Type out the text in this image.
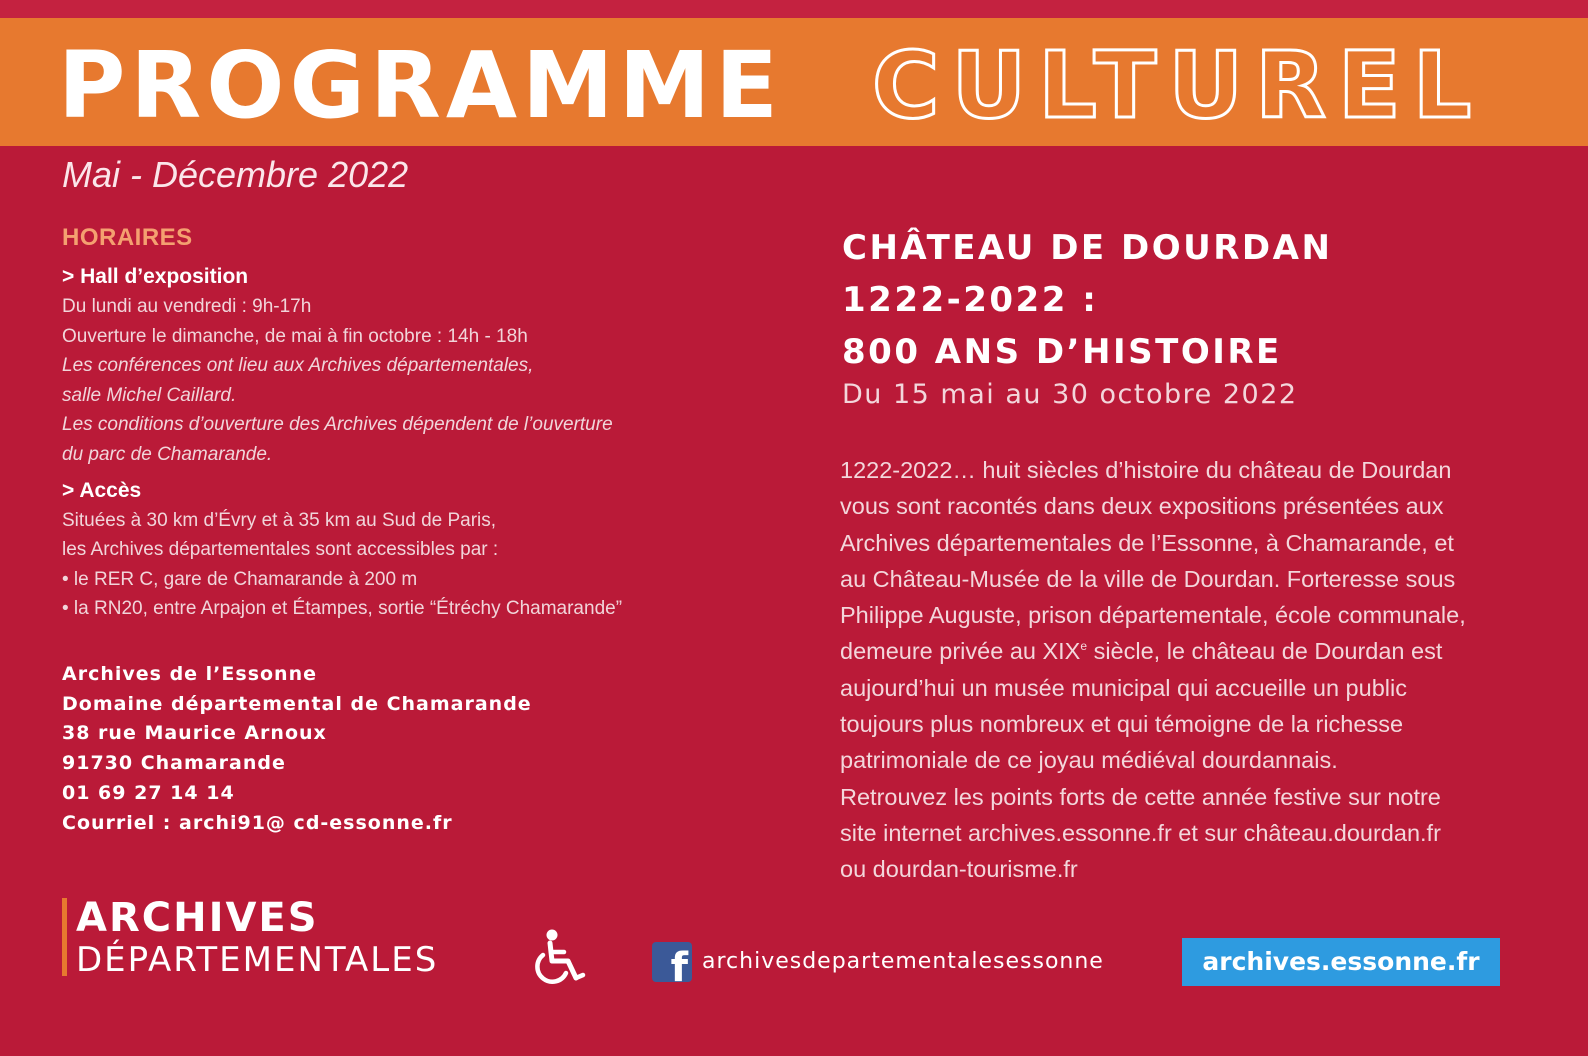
PROGRAMME CULTUREL
Mai - Décembre 2022
HORAIRES
> Hall d’exposition
Du lundi au vendredi : 9h-17h
Ouverture le dimanche, de mai à fin octobre : 14h - 18h
Les conférences ont lieu aux Archives départementales,
salle Michel Caillard.
Les conditions d’ouverture des Archives dépendent de l’ouverture
du parc de Chamarande.
> Accès
Situées à 30 km d’Évry et à 35 km au Sud de Paris,
les Archives départementales sont accessibles par :
• le RER C, gare de Chamarande à 200 m
• la RN20, entre Arpajon et Étampes, sortie “Étréchy Chamarande”
Archives de l’Essonne
Domaine départemental de Chamarande
38 rue Maurice Arnoux
91730 Chamarande
01 69 27 14 14
Courriel : archi91@ cd-essonne.fr
CHÂTEAU DE DOURDAN
1222-2022 :
800 ANS D’HISTOIRE
Du 15 mai au 30 octobre 2022
1222-2022… huit siècles d’histoire du château de Dourdan
vous sont racontés dans deux expositions présentées aux
Archives départementales de l’Essonne, à Chamarande, et
au Château-Musée de la ville de Dourdan. Forteresse sous
Philippe Auguste, prison départementale, école communale,
demeure privée au XIXe siècle, le château de Dourdan est
aujourd’hui un musée municipal qui accueille un public
toujours plus nombreux et qui témoigne de la richesse
patrimoniale de ce joyau médiéval dourdannais.
Retrouvez les points forts de cette année festive sur notre
site internet archives.essonne.fr et sur château.dourdan.fr
ou dourdan-tourisme.fr
ARCHIVES
DÉPARTEMENTALES	f archivesdepartementalesessonne	archives.essonne.fr
